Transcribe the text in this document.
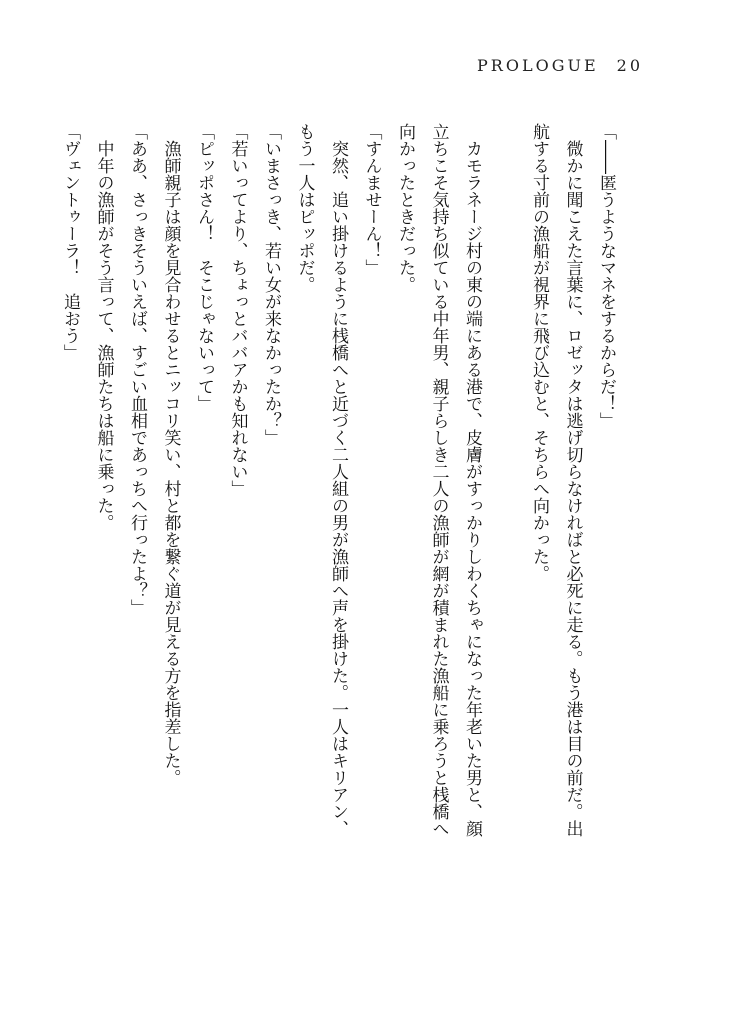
PROLOGUE 20
「――匿うようなマネをするからだ！」
微かに聞こえた言葉に、ロゼッタは逃げ切らなければと必死に走る。もう港は目の前だ。出
航する寸前の漁船が視界に飛び込むと、そちらへ向かった。

カモラネージ村の東の端にある港で、皮膚がすっかりしわくちゃになった年老いた男と、顔
立ちこそ気持ち似ている中年男、親子らしき二人の漁師が網が積まれた漁船に乗ろうと桟橋へ
向かったときだった。
「すんませーん！」
突然、追い掛けるように桟橋へと近づく二人組の男が漁師へ声を掛けた。一人はキリアン、
もう一人はピッポだ。
「いまさっき、若い女が来なかったか？」
「若いってより、ちょっとババアかも知れない」
「ピッポさん！　そこじゃないって」
漁師親子は顔を見合わせるとニッコリ笑い、村と都を繋ぐ道が見える方を指差した。
「ああ、さっきそういえば、すごい血相であっちへ行ったよ？」
中年の漁師がそう言って、漁師たちは船に乗った。
「ヴェントゥーラ！　追おう」
